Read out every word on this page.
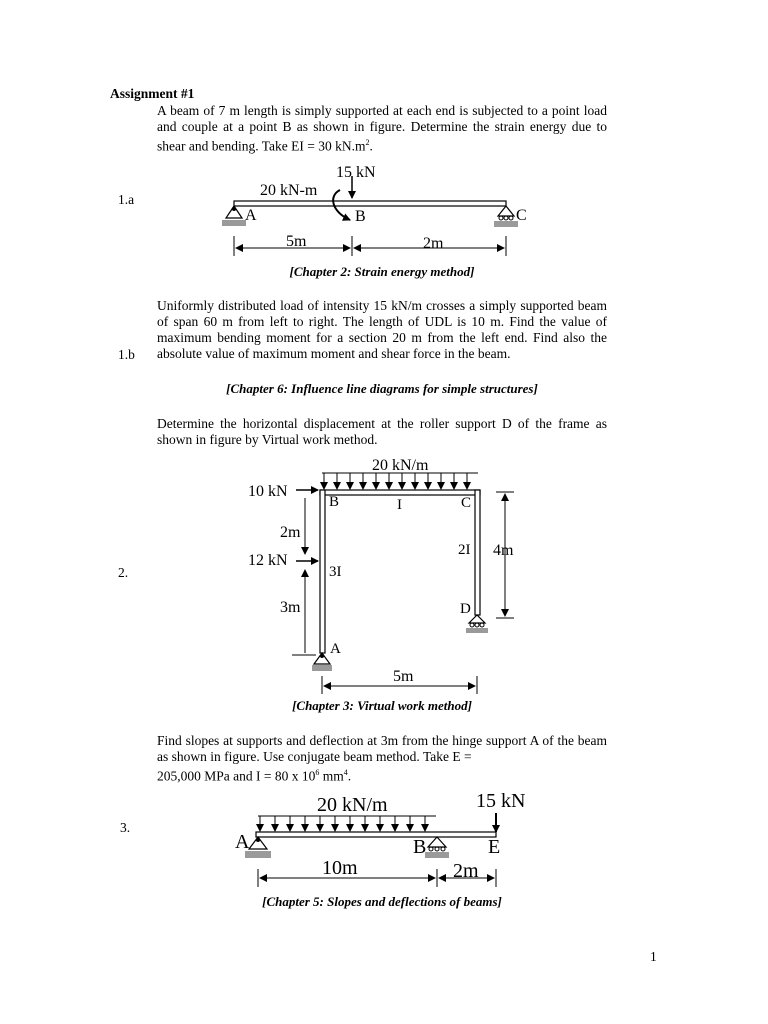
Assignment #1
A beam of 7 m length is simply supported at each end is subjected to a point load and couple at a point B as shown in figure. Determine the strain energy due to shear and bending. Take EI = 30 $kN.m^2$.
1.a
15 kN
20 kN-m
A	B	C
5m	2m
[Chapter 2: Strain energy method]
Uniformly distributed load of intensity 15 kN/m crosses a simply supported beam of span 60 m from left to right. The length of UDL is 10 m. Find the value of maximum bending moment for a section 20 m from the left end. Find also the absolute value of maximum moment and shear force in the beam.
1.b
[Chapter 6: Influence line diagrams for simple structures]
Determine the horizontal displacement at the roller support D of the frame as shown in figure by Virtual work method.
2.
20 kN/m
10 kN
12 kN
B	I	C
2I
3I
D
A
2m
3m
4m
5m
[Chapter 3: Virtual work method]
Find slopes at supports and deflection at 3m from the hinge support A of the beam as shown in figure. Use conjugate beam method. Take E =
205,000 MPa and I = 80 x $10^6$ $mm^4$.
3.
20 kN/m	15 kN
A	B	E
10m	2m
[Chapter 5: Slopes and deflections of beams]
1
